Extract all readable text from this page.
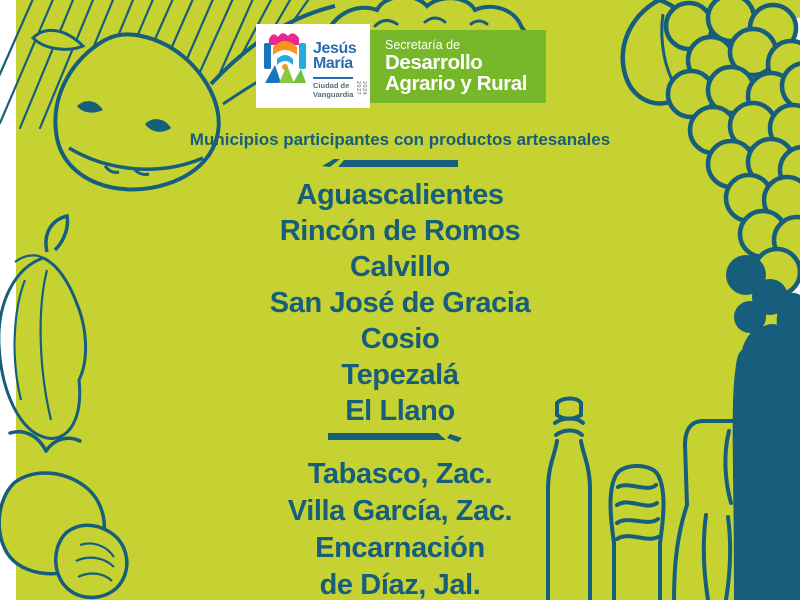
Jesús
María
Ciudad de
Vanguardia	2024 2027
Secretaría de
Desarrollo
Agrario y Rural
Municipios participantes con productos artesanales
Aguascalientes
Rincón de Romos
Calvillo
San José de Gracia
Cosio
Tepezalá
El Llano
Tabasco, Zac.
Villa García, Zac.
Encarnación
de Díaz, Jal.
